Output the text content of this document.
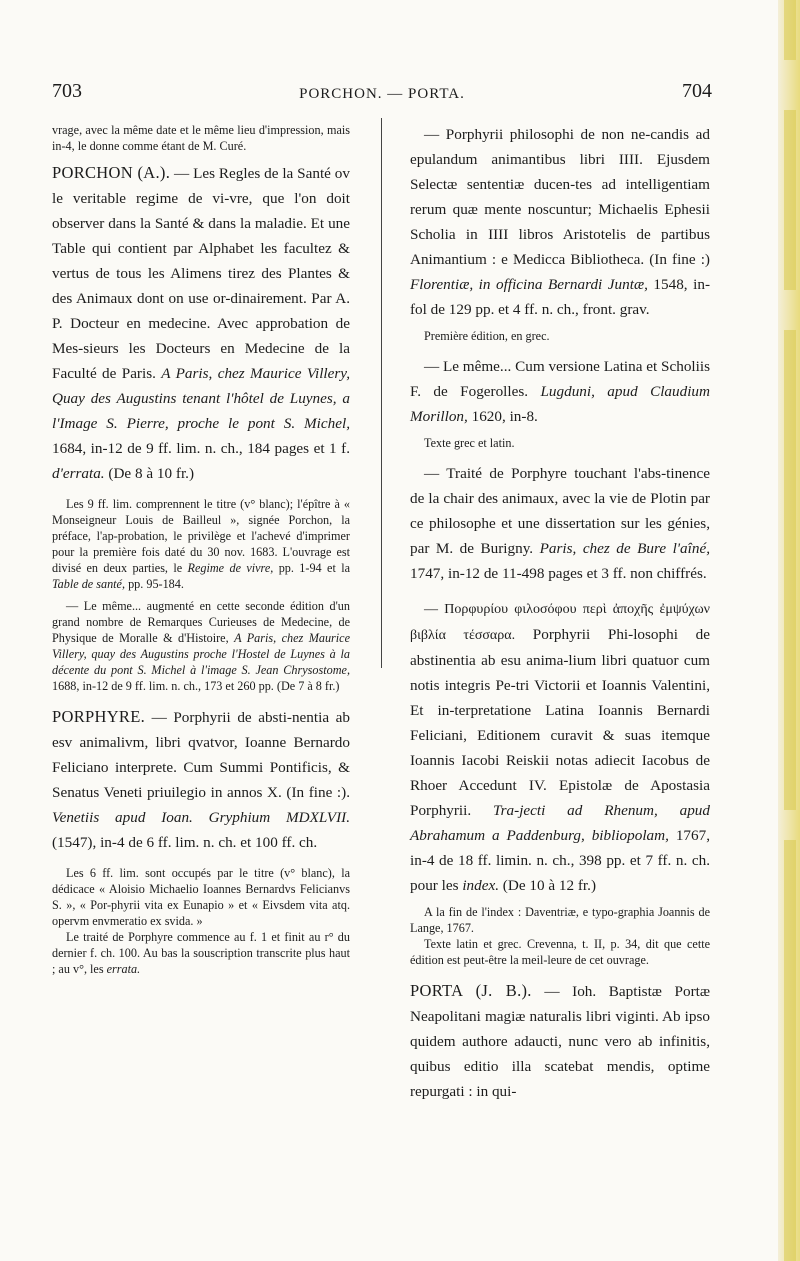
703	PORCHON. — PORTA.	704

vrage, avec la même date et le même lieu d'impression, mais in-4, le donne comme étant de M. Curé.

PORCHON (A.). — Les Regles de la Santé ov le veritable regime de vi-vre, que l'on doit observer dans la Santé & dans la maladie. Et une Table qui contient par Alphabet les facultez & vertus de tous les Alimens tirez des Plantes & des Animaux dont on use or-dinairement. Par A. P. Docteur en medecine. Avec approbation de Mes-sieurs les Docteurs en Medecine de la Faculté de Paris. A Paris, chez Maurice Villery, Quay des Augustins tenant l'hôtel de Luynes, a l'Image S. Pierre, proche le pont S. Michel, 1684, in-12 de 9 ff. lim. n. ch., 184 pages et 1 f. d'errata. (De 8 à 10 fr.)

Les 9 ff. lim. comprennent le titre (v° blanc); l'épître à « Monseigneur Louis de Bailleul », signée Porchon, la préface, l'ap-probation, le privilège et l'achevé d'imprimer pour la première fois daté du 30 nov. 1683. L'ouvrage est divisé en deux parties, le Regime de vivre, pp. 1-94 et la Table de santé, pp. 95-184.

— Le même... augmenté en cette seconde édition d'un grand nombre de Remarques Curieuses de Medecine, de Physique de Moralle & d'Histoire, A Paris, chez Maurice Villery, quay des Augustins proche l'Hostel de Luynes à la décente du pont S. Michel à l'image S. Jean Chrysostome, 1688, in-12 de 9 ff. lim. n. ch., 173 et 260 pp. (De 7 à 8 fr.)

PORPHYRE. — Porphyrii de absti-nentia ab esv animalivm, libri qvatvor, Ioanne Bernardo Feliciano interprete. Cum Summi Pontificis, & Senatus Veneti priuilegio in annos X. (In fine :). Venetiis apud Ioan. Gryphium MDXLVII. (1547), in-4 de 6 ff. lim. n. ch. et 100 ff. ch.

Les 6 ff. lim. sont occupés par le titre (v° blanc), la dédicace « Aloisio Michaelio Ioannes Bernardvs Felicianvs S. », « Por-phyrii vita ex Eunapio » et « Eivsdem vita atq. opervm envmeratio ex svida. »

Le traité de Porphyre commence au f. 1 et finit au r° du dernier f. ch. 100. Au bas la souscription transcrite plus haut ; au v°, les errata.

— Porphyrii philosophi de non ne-candis ad epulandum animantibus libri IIII. Ejusdem Selectæ sententiæ ducen-tes ad intelligentiam rerum quæ mente noscuntur; Michaelis Ephesii Scholia in IIII libros Aristotelis de partibus Animantium : e Medicca Bibliotheca. (In fine :) Florentiæ, in officina Bernardi Juntæ, 1548, in-fol de 129 pp. et 4 ff. n. ch., front. grav.

Première édition, en grec.

— Le même... Cum versione Latina et Scholiis F. de Fogerolles. Lugduni, apud Claudium Morillon, 1620, in-8.

Texte grec et latin.

— Traité de Porphyre touchant l'abs-tinence de la chair des animaux, avec la vie de Plotin par ce philosophe et une dissertation sur les génies, par M. de Burigny. Paris, chez de Bure l'aîné, 1747, in-12 de 11-498 pages et 3 ff. non chiffrés.

— Πορφυρίου φιλοσόφου περὶ ἀποχῆς ἐμψύχων βιβλία τέσσαρα. Porphyrii Phi-losophi de abstinentia ab esu anima-lium libri quatuor cum notis integris Pe-tri Victorii et Ioannis Valentini, Et in-terpretatione Latina Ioannis Bernardi Feliciani, Editionem curavit & suas itemque Ioannis Iacobi Reiskii notas adiecit Iacobus de Rhoer Accedunt IV. Epistolæ de Apostasia Porphyrii. Tra-jecti ad Rhenum, apud Abrahamum a Paddenburg, bibliopolam, 1767, in-4 de 18 ff. limin. n. ch., 398 pp. et 7 ff. n. ch. pour les index. (De 10 à 12 fr.)

A la fin de l'index : Daventriæ, e typo-graphia Joannis de Lange, 1767.

Texte latin et grec. Crevenna, t. II, p. 34, dit que cette édition est peut-être la meil-leure de cet ouvrage.

PORTA (J. B.). — Ioh. Baptistæ Portæ Neapolitani magiæ naturalis libri viginti. Ab ipso quidem authore adaucti, nunc vero ab infinitis, quibus editio illa scatebat mendis, optime repurgati : in qui-
